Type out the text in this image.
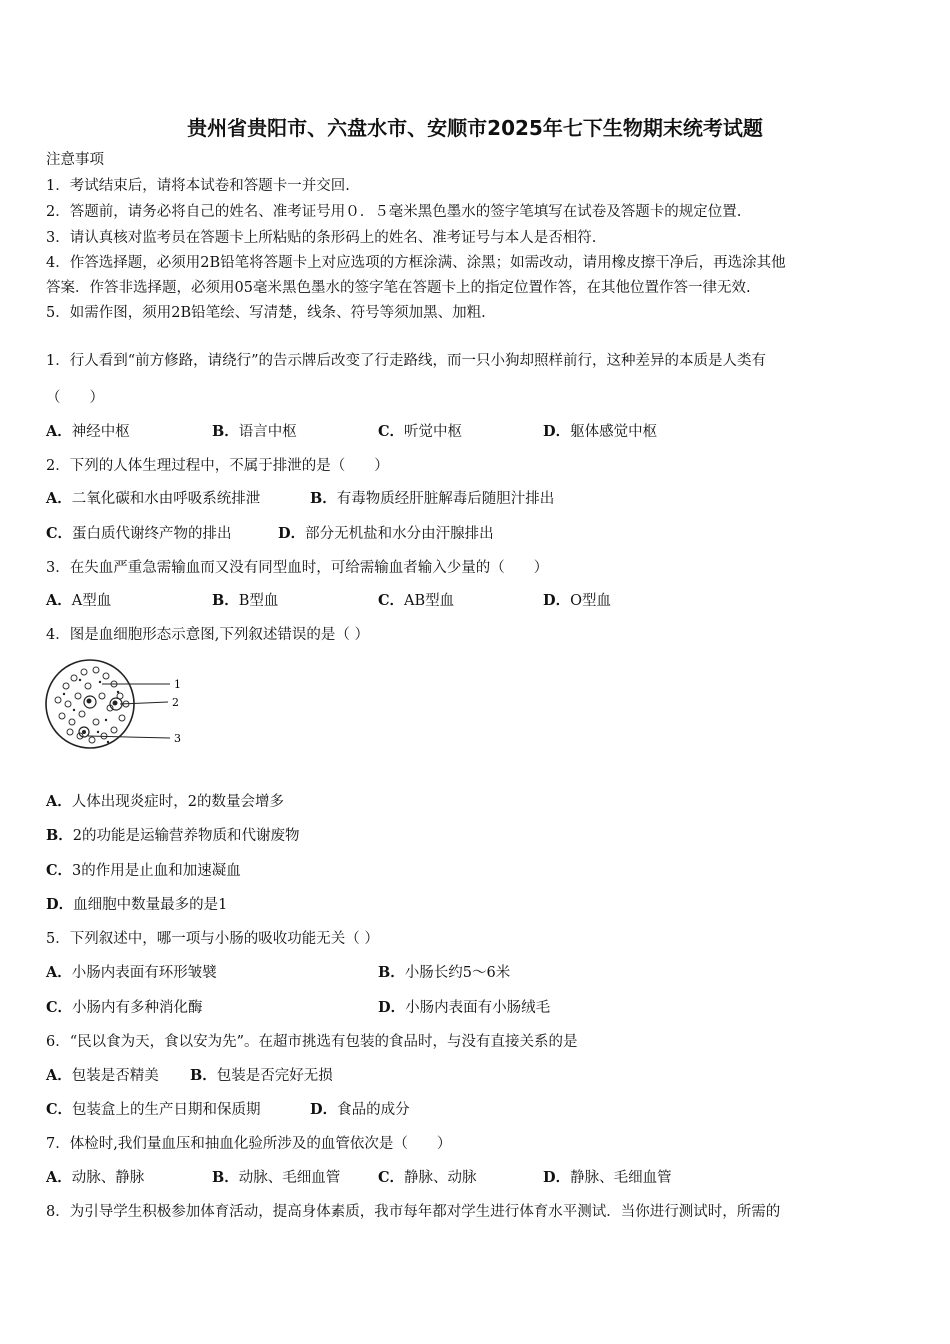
贵州省贵阳市、六盘水市、安顺市2025年七下生物期末统考试题
注意事项
1．考试结束后，请将本试卷和答题卡一并交回.
2．答题前，请务必将自己的姓名、准考证号用０．５毫米黑色墨水的签字笔填写在试卷及答题卡的规定位置.
3．请认真核对监考员在答题卡上所粘贴的条形码上的姓名、准考证号与本人是否相符.
4．作答选择题，必须用2B铅笔将答题卡上对应选项的方框涂满、涂黑；如需改动，请用橡皮擦干净后，再选涂其他
答案．作答非选择题，必须用05毫米黑色墨水的签字笔在答题卡上的指定位置作答，在其他位置作答一律无效.
5．如需作图，须用2B铅笔绘、写清楚，线条、符号等须加黑、加粗.
1．行人看到“前方修路，请绕行”的告示牌后改变了行走路线，而一只小狗却照样前行，这种差异的本质是人类有
（　　）
A．神经中枢	B．语言中枢	C．听觉中枢	D．躯体感觉中枢
2．下列的人体生理过程中，不属于排泄的是（　　）
A．二氧化碳和水由呼吸系统排泄	B．有毒物质经肝脏解毒后随胆汁排出
C．蛋白质代谢终产物的排出	D．部分无机盐和水分由汗腺排出
3．在失血严重急需输血而又没有同型血时，可给需输血者输入少量的（　　）
A．A型血	B．B型血	C．AB型血	D．O型血
4．图是血细胞形态示意图,下列叙述错误的是（ ）
1
2
3
A．人体出现炎症时，2的数量会增多
B．2的功能是运输营养物质和代谢废物
C．3的作用是止血和加速凝血
D．血细胞中数量最多的是1
5．下列叙述中，哪一项与小肠的吸收功能无关（ ）
A．小肠内表面有环形皱襞	B．小肠长约5～6米
C．小肠内有多种消化酶	D．小肠内表面有小肠绒毛
6．“民以食为天，食以安为先”。在超市挑选有包装的食品时，与没有直接关系的是
A．包装是否精美 B．包装是否完好无损
C．包装盒上的生产日期和保质期	D．食品的成分
7．体检时,我们量血压和抽血化验所涉及的血管依次是（　　）
A．动脉、静脉	B．动脉、毛细血管	C．静脉、动脉	D．静脉、毛细血管
8．为引导学生积极参加体育活动，提高身体素质，我市每年都对学生进行体育水平测试．当你进行测试时，所需的
